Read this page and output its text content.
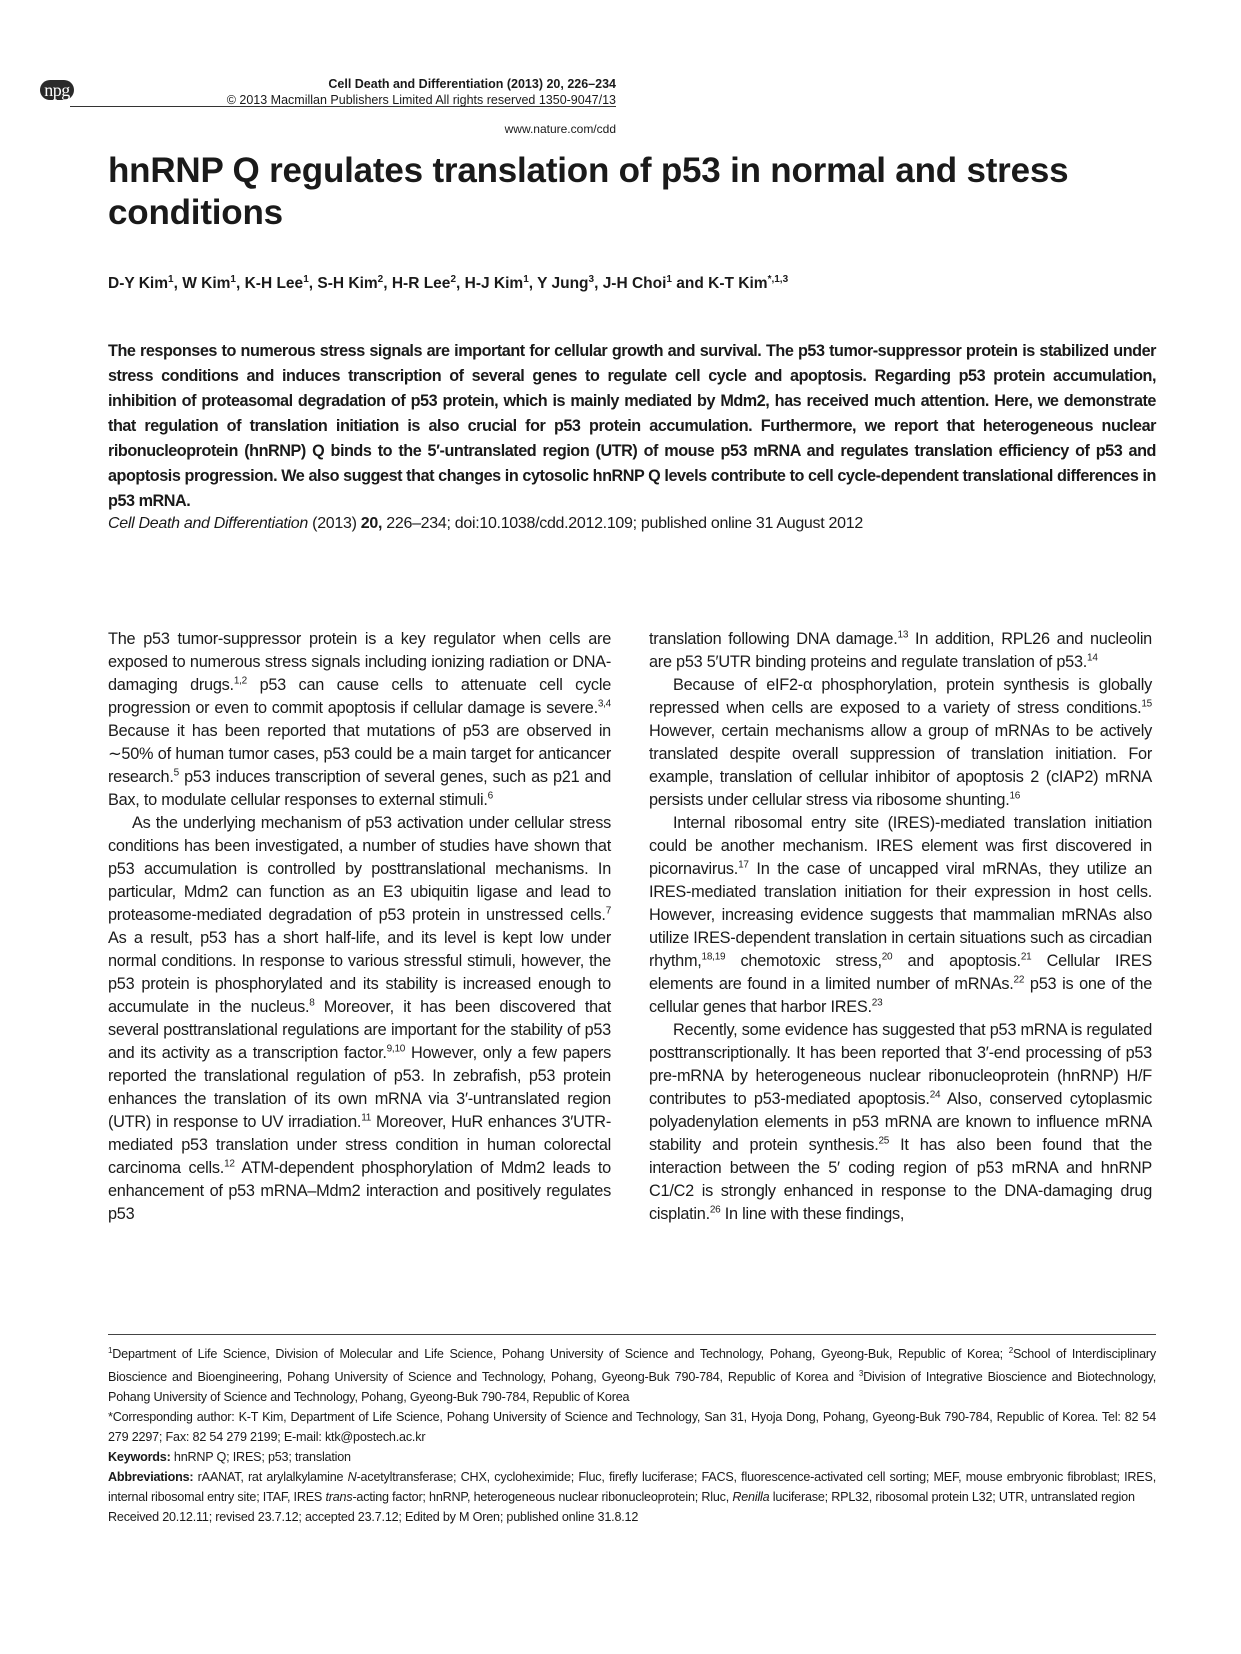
npg	Cell Death and Differentiation (2013) 20, 226–234
© 2013 Macmillan Publishers Limited All rights reserved 1350-9047/13
www.nature.com/cdd
hnRNP Q regulates translation of p53 in normal and stress conditions
D-Y Kim$^1$, W Kim$^1$, K-H Lee$^1$, S-H Kim$^2$, H-R Lee$^2$, H-J Kim$^1$, Y Jung$^3$, J-H Choi$^1$ and K-T Kim$^{*,1,3}$
The responses to numerous stress signals are important for cellular growth and survival. The p53 tumor-suppressor protein is stabilized under stress conditions and induces transcription of several genes to regulate cell cycle and apoptosis. Regarding p53 protein accumulation, inhibition of proteasomal degradation of p53 protein, which is mainly mediated by Mdm2, has received much attention. Here, we demonstrate that regulation of translation initiation is also crucial for p53 protein accumulation. Furthermore, we report that heterogeneous nuclear ribonucleoprotein (hnRNP) Q binds to the 5′-untranslated region (UTR) of mouse p53 mRNA and regulates translation efficiency of p53 and apoptosis progression. We also suggest that changes in cytosolic hnRNP Q levels contribute to cell cycle-dependent translational differences in p53 mRNA.
Cell Death and Differentiation (2013) 20, 226–234; doi:10.1038/cdd.2012.109; published online 31 August 2012

The p53 tumor-suppressor protein is a key regulator when cells are exposed to numerous stress signals including ionizing radiation or DNA-damaging drugs.$^{1,2}$ p53 can cause cells to attenuate cell cycle progression or even to commit apoptosis if cellular damage is severe.$^{3,4}$ Because it has been reported that mutations of p53 are observed in ∼50% of human tumor cases, p53 could be a main target for anticancer research.$^5$ p53 induces transcription of several genes, such as p21 and Bax, to modulate cellular responses to external stimuli.$^6$

As the underlying mechanism of p53 activation under cellular stress conditions has been investigated, a number of studies have shown that p53 accumulation is controlled by posttranslational mechanisms. In particular, Mdm2 can function as an E3 ubiquitin ligase and lead to proteasome-mediated degradation of p53 protein in unstressed cells.$^7$ As a result, p53 has a short half-life, and its level is kept low under normal conditions. In response to various stressful stimuli, however, the p53 protein is phosphorylated and its stability is increased enough to accumulate in the nucleus.$^8$ Moreover, it has been discovered that several posttranslational regulations are important for the stability of p53 and its activity as a transcription factor.$^{9,10}$ However, only a few papers reported the translational regulation of p53. In zebrafish, p53 protein enhances the translation of its own mRNA via 3′-untranslated region (UTR) in response to UV irradiation.$^{11}$ Moreover, HuR enhances 3′UTR-mediated p53 translation under stress condition in human colorectal carcinoma cells.$^{12}$ ATM-dependent phosphorylation of Mdm2 leads to enhancement of p53 mRNA–Mdm2 interaction and positively regulates p53

translation following DNA damage.$^{13}$ In addition, RPL26 and nucleolin are p53 5′UTR binding proteins and regulate translation of p53.14

Because of eIF2-α phosphorylation, protein synthesis is globally repressed when cells are exposed to a variety of stress conditions.$^{15}$ However, certain mechanisms allow a group of mRNAs to be actively translated despite overall suppression of translation initiation. For example, translation of cellular inhibitor of apoptosis 2 (cIAP2) mRNA persists under cellular stress via ribosome shunting.$^{16}$

Internal ribosomal entry site (IRES)-mediated translation initiation could be another mechanism. IRES element was first discovered in picornavirus.$^{17}$ In the case of uncapped viral mRNAs, they utilize an IRES-mediated translation initiation for their expression in host cells. However, increasing evidence suggests that mammalian mRNAs also utilize IRES-dependent translation in certain situations such as circadian rhythm,$^{18,19}$ chemotoxic stress,$^{20}$ and apoptosis.$^{21}$ Cellular IRES elements are found in a limited number of mRNAs.$^{22}$ p53 is one of the cellular genes that harbor IRES.$^{23}$

Recently, some evidence has suggested that p53 mRNA is regulated posttranscriptionally. It has been reported that 3′-end processing of p53 pre-mRNA by heterogeneous nuclear ribonucleoprotein (hnRNP) H/F contributes to p53-mediated apoptosis.$^{24}$ Also, conserved cytoplasmic polyadenylation elements in p53 mRNA are known to influence mRNA stability and protein synthesis.$^{25}$ It has also been found that the interaction between the 5′ coding region of p53 mRNA and hnRNP C1/C2 is strongly enhanced in response to the DNA-damaging drug cisplatin.$^{26}$ In line with these findings,

$^1$Department of Life Science, Division of Molecular and Life Science, Pohang University of Science and Technology, Pohang, Gyeong-Buk, Republic of Korea; $^2$School of Interdisciplinary Bioscience and Bioengineering, Pohang University of Science and Technology, Pohang, Gyeong-Buk 790-784, Republic of Korea and $^3$Division of Integrative Bioscience and Biotechnology, Pohang University of Science and Technology, Pohang, Gyeong-Buk 790-784, Republic of Korea

*Corresponding author: K-T Kim, Department of Life Science, Pohang University of Science and Technology, San 31, Hyoja Dong, Pohang, Gyeong-Buk 790-784, Republic of Korea. Tel: 82 54 279 2297; Fax: 82 54 279 2199; E-mail: ktk@postech.ac.kr

Keywords: hnRNP Q; IRES; p53; translation

Abbreviations: rAANAT, rat arylalkylamine N-acetyltransferase; CHX, cycloheximide; Fluc, firefly luciferase; FACS, fluorescence-activated cell sorting; MEF, mouse embryonic fibroblast; IRES, internal ribosomal entry site; ITAF, IRES trans-acting factor; hnRNP, heterogeneous nuclear ribonucleoprotein; Rluc, Renilla luciferase; RPL32, ribosomal protein L32; UTR, untranslated region

Received 20.12.11; revised 23.7.12; accepted 23.7.12; Edited by M Oren; published online 31.8.12
